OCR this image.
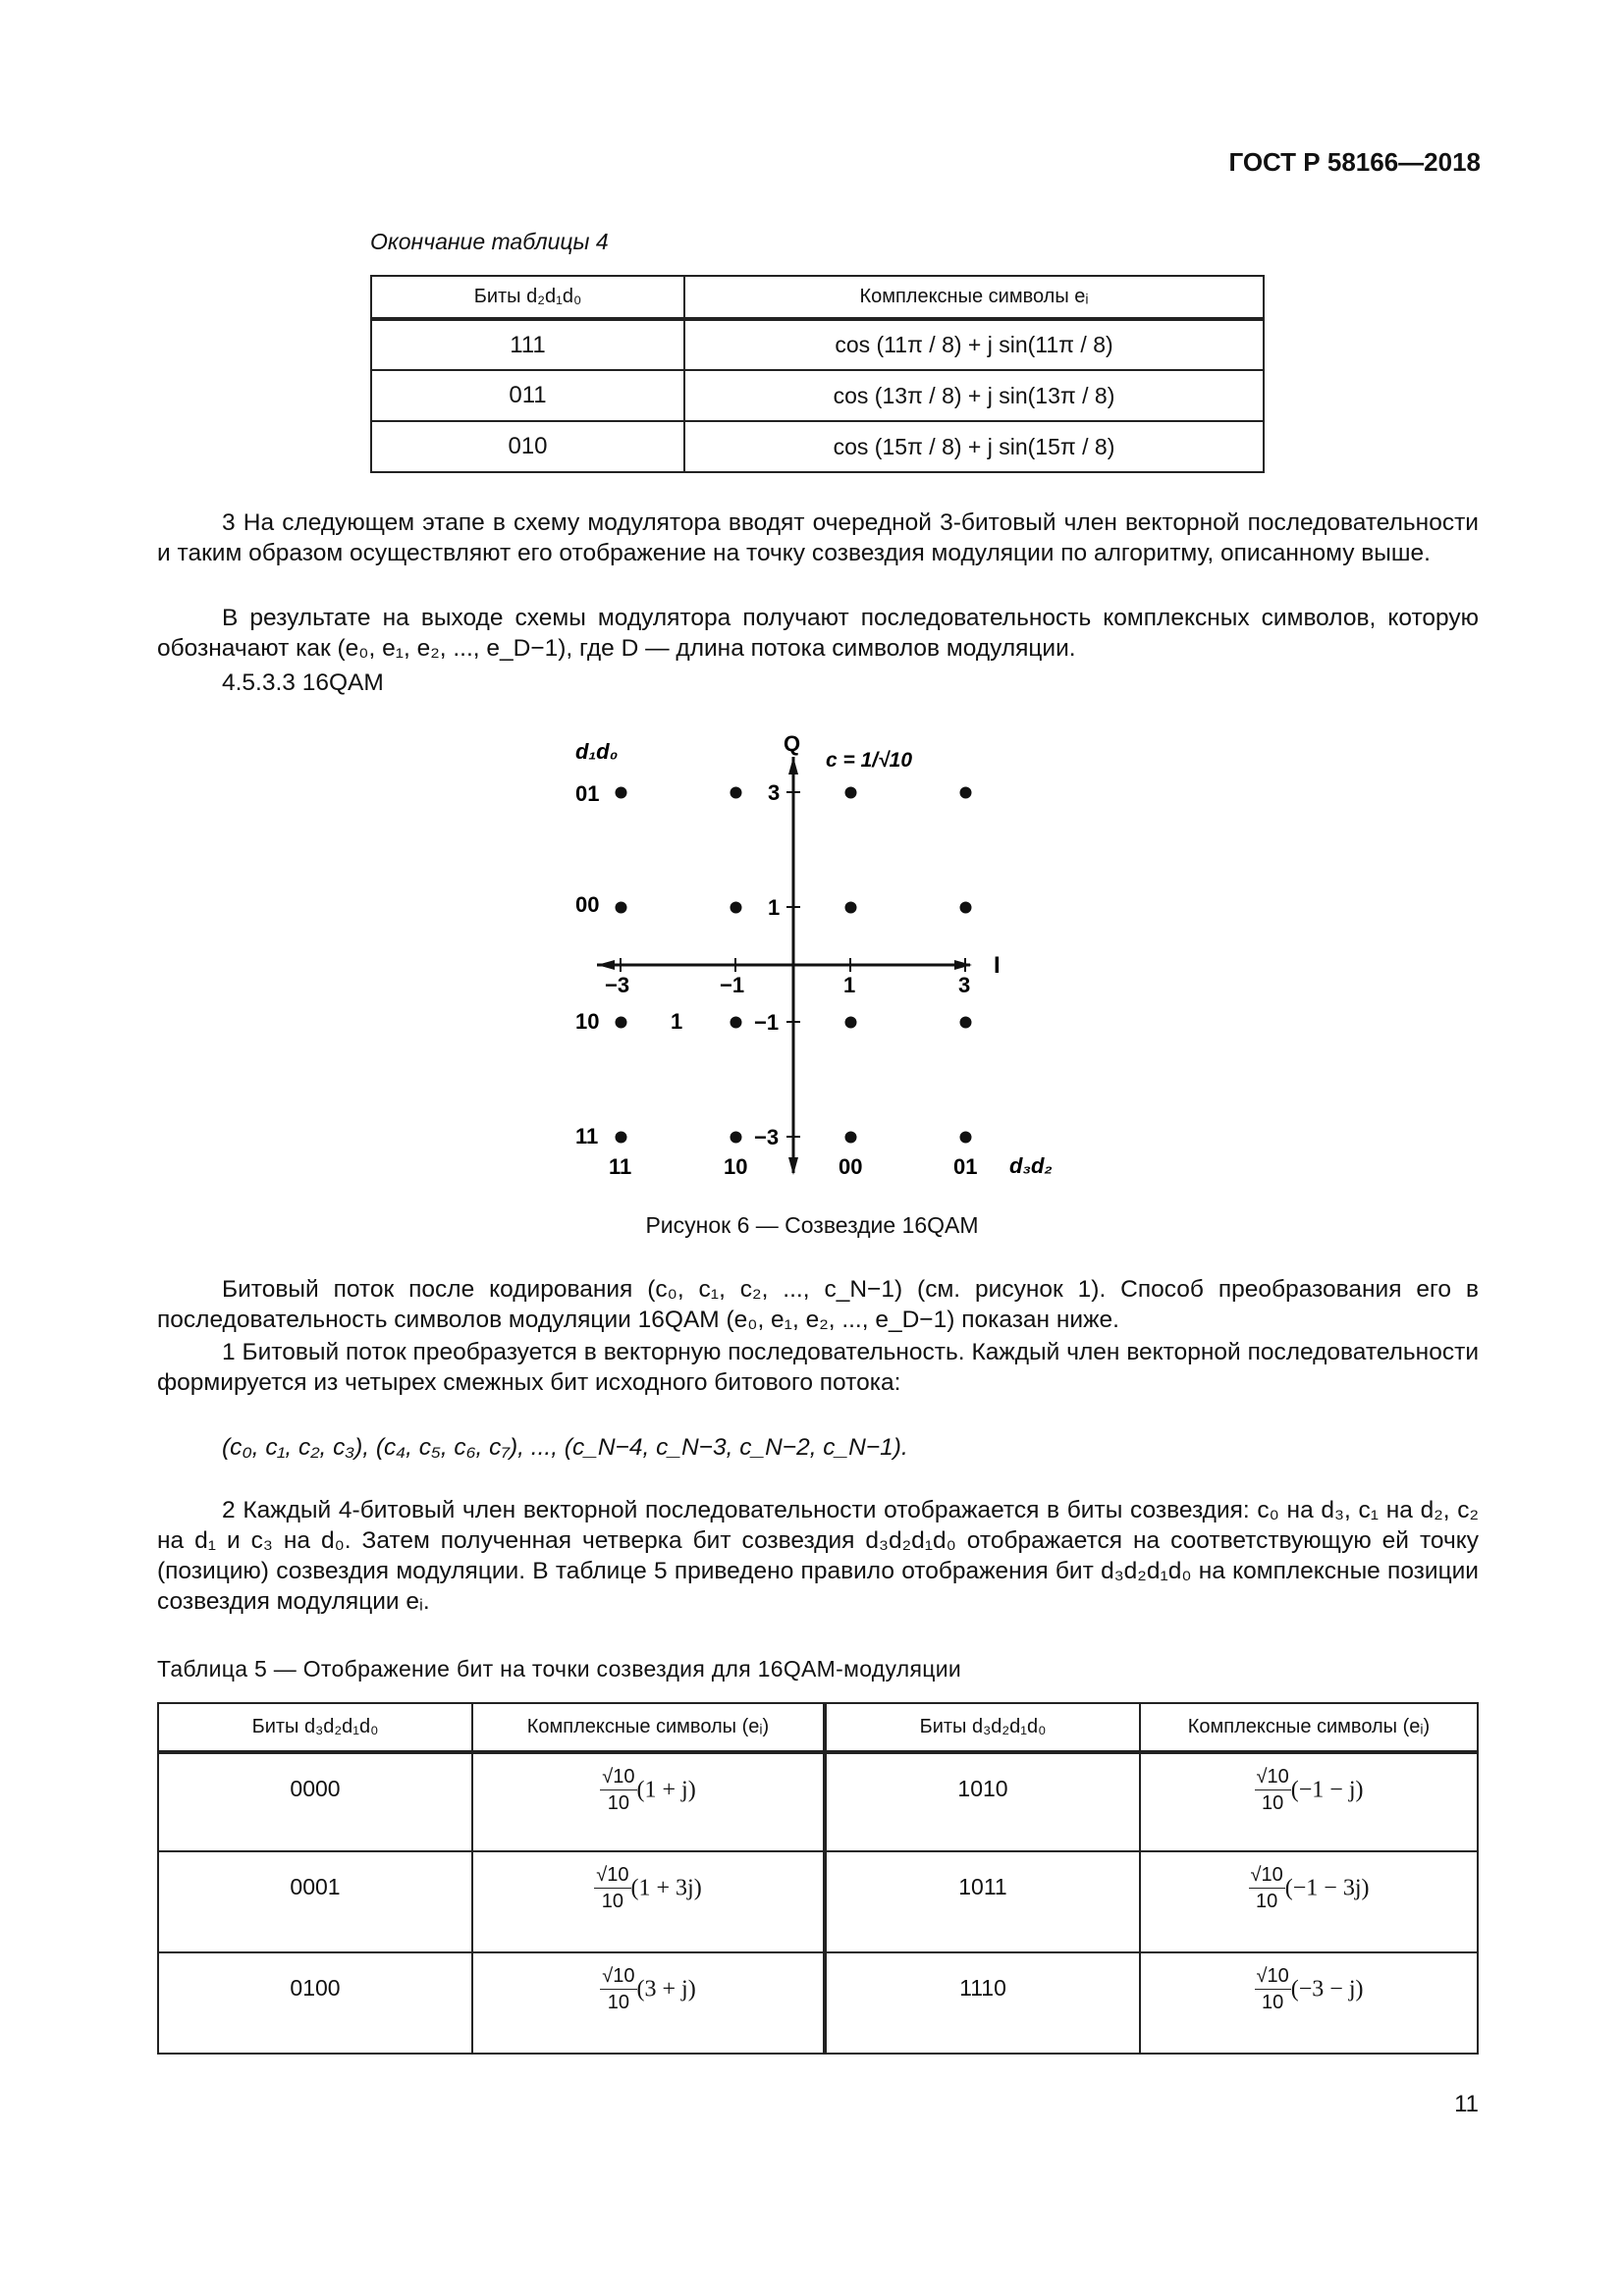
ГОСТ Р 58166—2018
Окончание таблицы 4
Биты d₂d₁d₀	Комплексные символы eᵢ
111	cos (11π / 8) + j sin(11π / 8)
011	cos (13π / 8) + j sin(13π / 8)
010	cos (15π / 8) + j sin(15π / 8)
3 На следующем этапе в схему модулятора вводят очередной 3-битовый член векторной последовательности и таким образом осуществляют его отображение на точку созвездия модуляции по алгоритму, описанному выше.
В результате на выходе схемы модулятора получают последовательность комплексных символов, которую обозначают как (e₀, e₁, e₂, ..., e_D−1), где D — длина потока символов модуляции.
4.5.3.3 16QAM
−3	−1	1	3
3
1
−1
−3
Q
I
c = 1/√10
d₁d₀
d₃d₂
01
00
10
11
11	10	00	01
1
Рисунок 6 — Созвездие 16QAM
Битовый поток после кодирования (c₀, c₁, c₂, ..., c_N−1) (см. рисунок 1). Способ преобразования его в последовательность символов модуляции 16QAM (e₀, e₁, e₂, ..., e_D−1) показан ниже.
1 Битовый поток преобразуется в векторную последовательность. Каждый член векторной последовательности формируется из четырех смежных бит исходного битового потока:
(c₀, c₁, c₂, c₃), (c₄, c₅, c₆, c₇), ..., (c_N−4, c_N−3, c_N−2, c_N−1).
2 Каждый 4-битовый член векторной последовательности отображается в биты созвездия: c₀ на d₃, c₁ на d₂, c₂ на d₁ и c₃ на d₀. Затем полученная четверка бит созвездия d₃d₂d₁d₀ отображается на соответствующую ей точку (позицию) созвездия модуляции. В таблице 5 приведено правило отображения бит d₃d₂d₁d₀ на комплексные позиции созвездия модуляции eᵢ.
Таблица 5 — Отображение бит на точки созвездия для 16QAM-модуляции
Биты d₃d₂d₁d₀	Комплексные символы (eᵢ)	Биты d₃d₂d₁d₀	Комплексные символы (eᵢ)
0000	$\frac{√10}{10} (1 + j)$	1010	$\frac{√10}{10} (-1 - j)$
0001	$\frac{√10}{10} (1 + 3j)$	1011	$\frac{√10}{10} (-1 - 3j)$
0100	$\frac{√10}{10} (3 + j)$	1110	$\frac{√10}{10} (-3 - j)$
11
